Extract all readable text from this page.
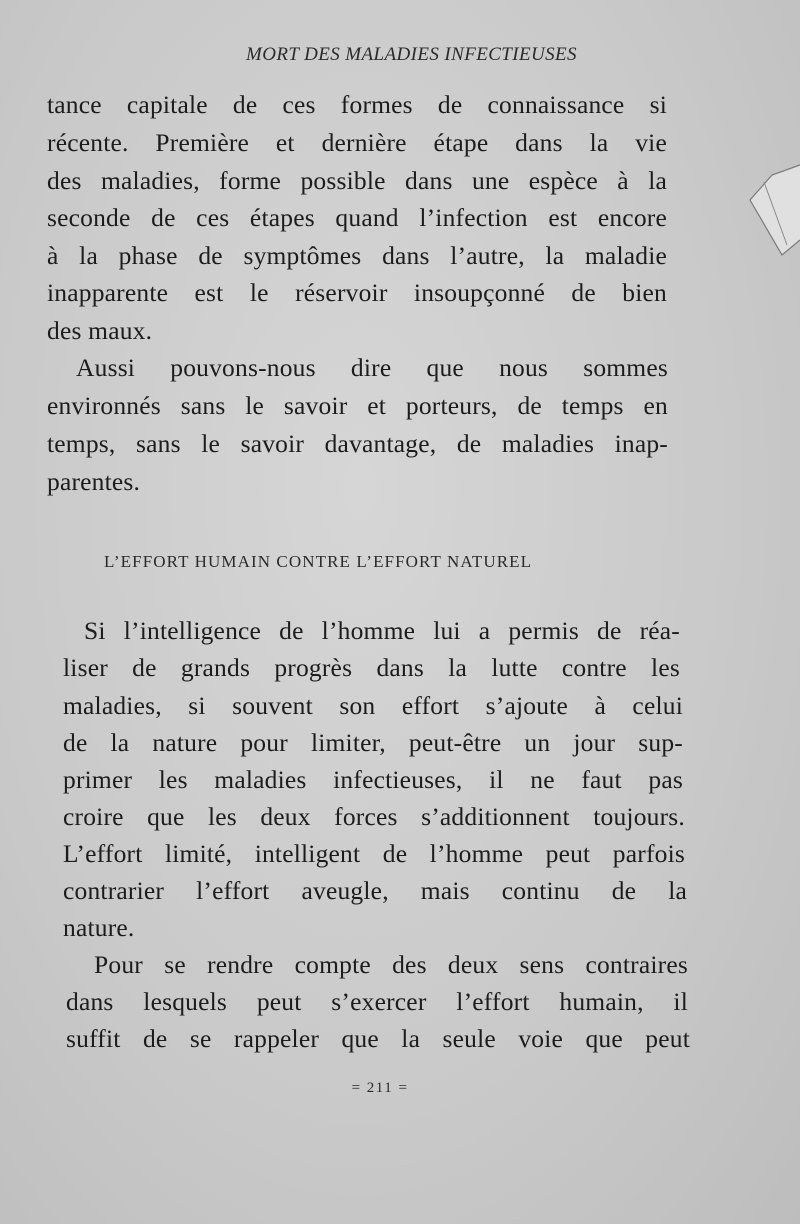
MORT DES MALADIES INFECTIEUSES
tance capitale de ces formes de connaissance si
récente. Première et dernière étape dans la vie
des maladies, forme possible dans une espèce à la
seconde de ces étapes quand l’infection est encore
à la phase de symptômes dans l’autre, la maladie
inapparente est le réservoir insoupçonné de bien
des maux.
Aussi pouvons-nous dire que nous sommes
environnés sans le savoir et porteurs, de temps en
temps, sans le savoir davantage, de maladies inap-
parentes.
L’EFFORT HUMAIN CONTRE L’EFFORT NATUREL
Si l’intelligence de l’homme lui a permis de réa-
liser de grands progrès dans la lutte contre les
maladies, si souvent son effort s’ajoute à celui
de la nature pour limiter, peut-être un jour sup-
primer les maladies infectieuses, il ne faut pas
croire que les deux forces s’additionnent toujours.
L’effort limité, intelligent de l’homme peut parfois
contrarier l’effort aveugle, mais continu de la
nature.
Pour se rendre compte des deux sens contraires
dans lesquels peut s’exercer l’effort humain, il
suffit de se rappeler que la seule voie que peut
= 211 =
